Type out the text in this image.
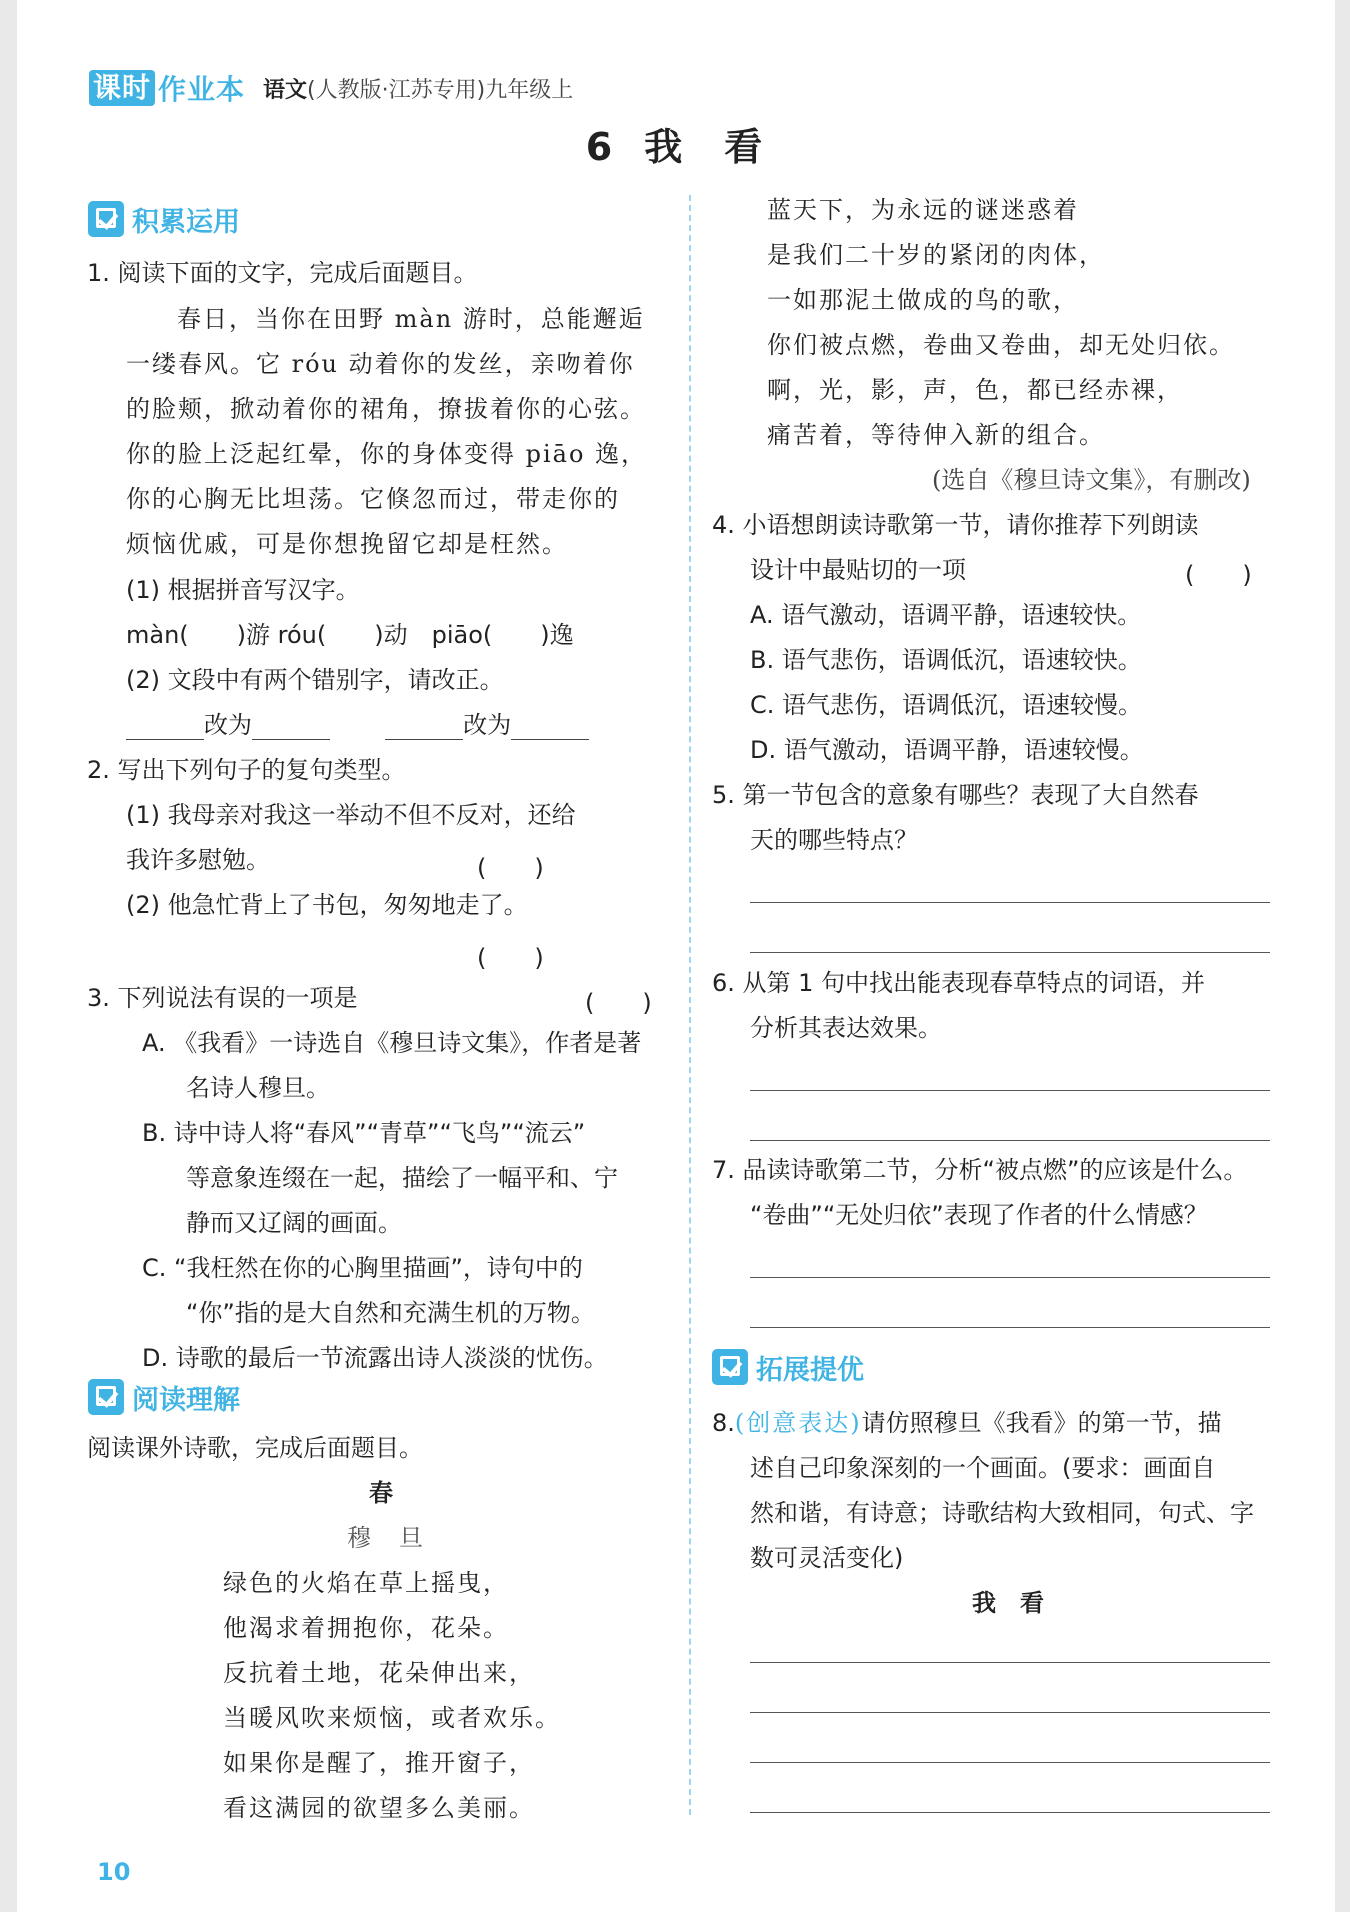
课时 作业本 语文(人教版·江苏专用)九年级上
积累运用
1. 阅读下面的文字，完成后面题目。
春日，当你在田野 màn 游时，总能邂逅
一缕春风。它 róu 动着你的发丝，亲吻着你
的脸颊，掀动着你的裙角，撩拔着你的心弦。
你的脸上泛起红晕，你的身体变得 piāo 逸，
你的心胸无比坦荡。它倏忽而过，带走你的
烦恼优戚，可是你想挽留它却是枉然。
(1) 根据拼音写汉字。
màn(　　)游 róu(　　)动　piāo(　　)逸
(2) 文段中有两个错别字，请改正。
改为	改为
2. 写出下列句子的复句类型。
(1) 我母亲对我这一举动不但不反对，还给
我许多慰勉。	(　　)
(2) 他急忙背上了书包，匆匆地走了。
(　　)
3. 下列说法有误的一项是	(　　)
A. 《我看》一诗选自《穆旦诗文集》，作者是著
名诗人穆旦。
B. 诗中诗人将“春风”“青草”“飞鸟”“流云”
等意象连缀在一起，描绘了一幅平和、宁
静而又辽阔的画面。
C. “我枉然在你的心胸里描画”，诗句中的
“你”指的是大自然和充满生机的万物。
D. 诗歌的最后一节流露出诗人淡淡的忧伤。
阅读理解
阅读课外诗歌，完成后面题目。
春
穆　旦
绿色的火焰在草上摇曳，
他渴求着拥抱你，花朵。
反抗着土地，花朵伸出来，
当暖风吹来烦恼，或者欢乐。
如果你是醒了，推开窗子，
看这满园的欲望多么美丽。
10
蓝天下，为永远的谜迷惑着
是我们二十岁的紧闭的肉体，
一如那泥土做成的鸟的歌，
你们被点燃，卷曲又卷曲，却无处归依。
啊，光，影，声，色，都已经赤裸，
痛苦着，等待伸入新的组合。
(选自《穆旦诗文集》，有删改)
4. 小语想朗读诗歌第一节，请你推荐下列朗读
设计中最贴切的一项	(　　)
A. 语气激动，语调平静，语速较快。
B. 语气悲伤，语调低沉，语速较快。
C. 语气悲伤，语调低沉，语速较慢。
D. 语气激动，语调平静，语速较慢。
5. 第一节包含的意象有哪些？表现了大自然春
天的哪些特点？
6. 从第 1 句中找出能表现春草特点的词语，并
分析其表达效果。
7. 品读诗歌第二节，分析“被点燃”的应该是什么。
“卷曲”“无处归依”表现了作者的什么情感？
拓展提优
8.(创意表达)请仿照穆旦《我看》的第一节，描
述自己印象深刻的一个画面。(要求：画面自
然和谐，有诗意；诗歌结构大致相同，句式、字
数可灵活变化)
我　看
6 我　看
